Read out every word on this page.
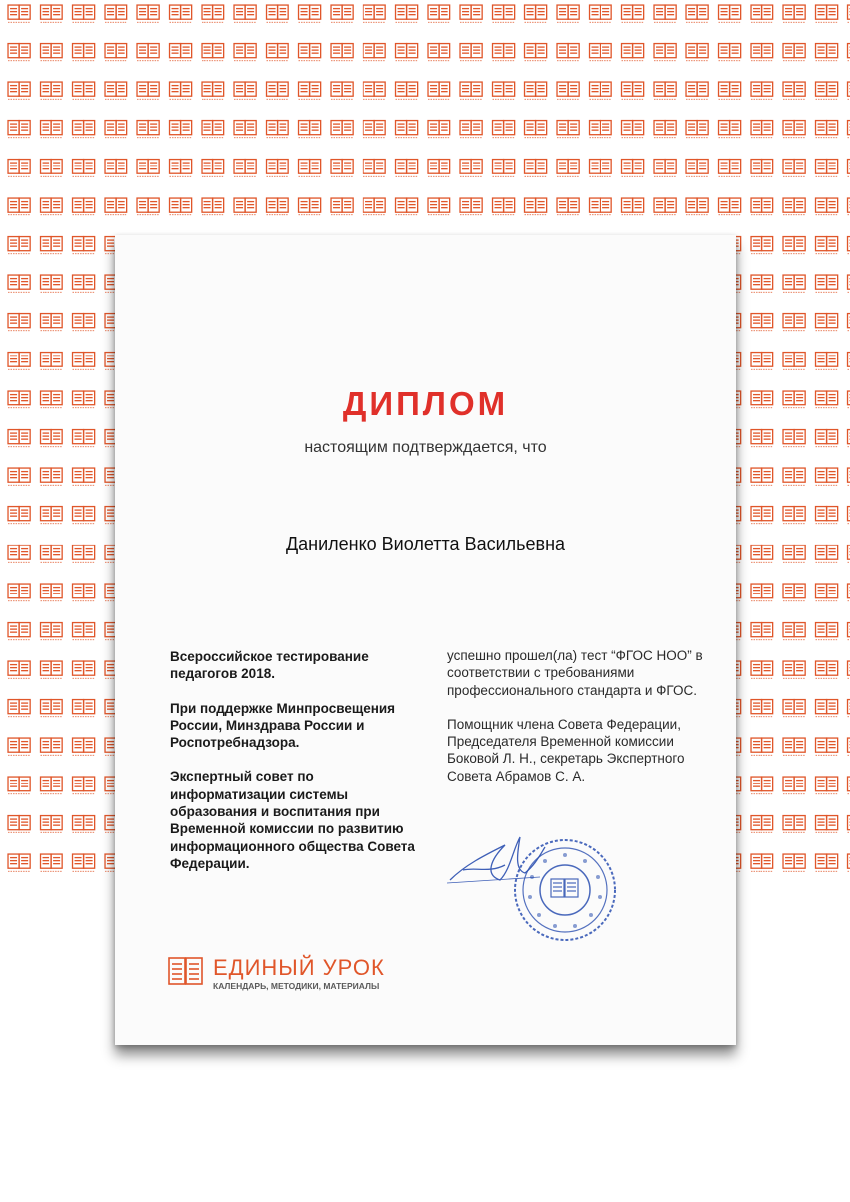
ДИПЛОМ
настоящим подтверждается, что
Даниленко Виолетта Васильевна

Всероссийское тестирование педагогов 2018.

При поддержке Минпросвещения России, Минздрава России и Роспотребнадзора.

Экспертный совет по информатизации системы образования и воспитания при Временной комиссии по развитию информационного общества Совета Федерации.

успешно прошел(ла) тест “ФГОС НОО” в соответствии с требованиями профессионального стандарта и ФГОС.

Помощник члена Совета Федерации, Председателя Временной комиссии Боковой Л. Н., секретарь Экспертного Совета Абрамов С. А.

ЕДИНЫЙ УРОК
КАЛЕНДАРЬ, МЕТОДИКИ, МАТЕРИАЛЫ
